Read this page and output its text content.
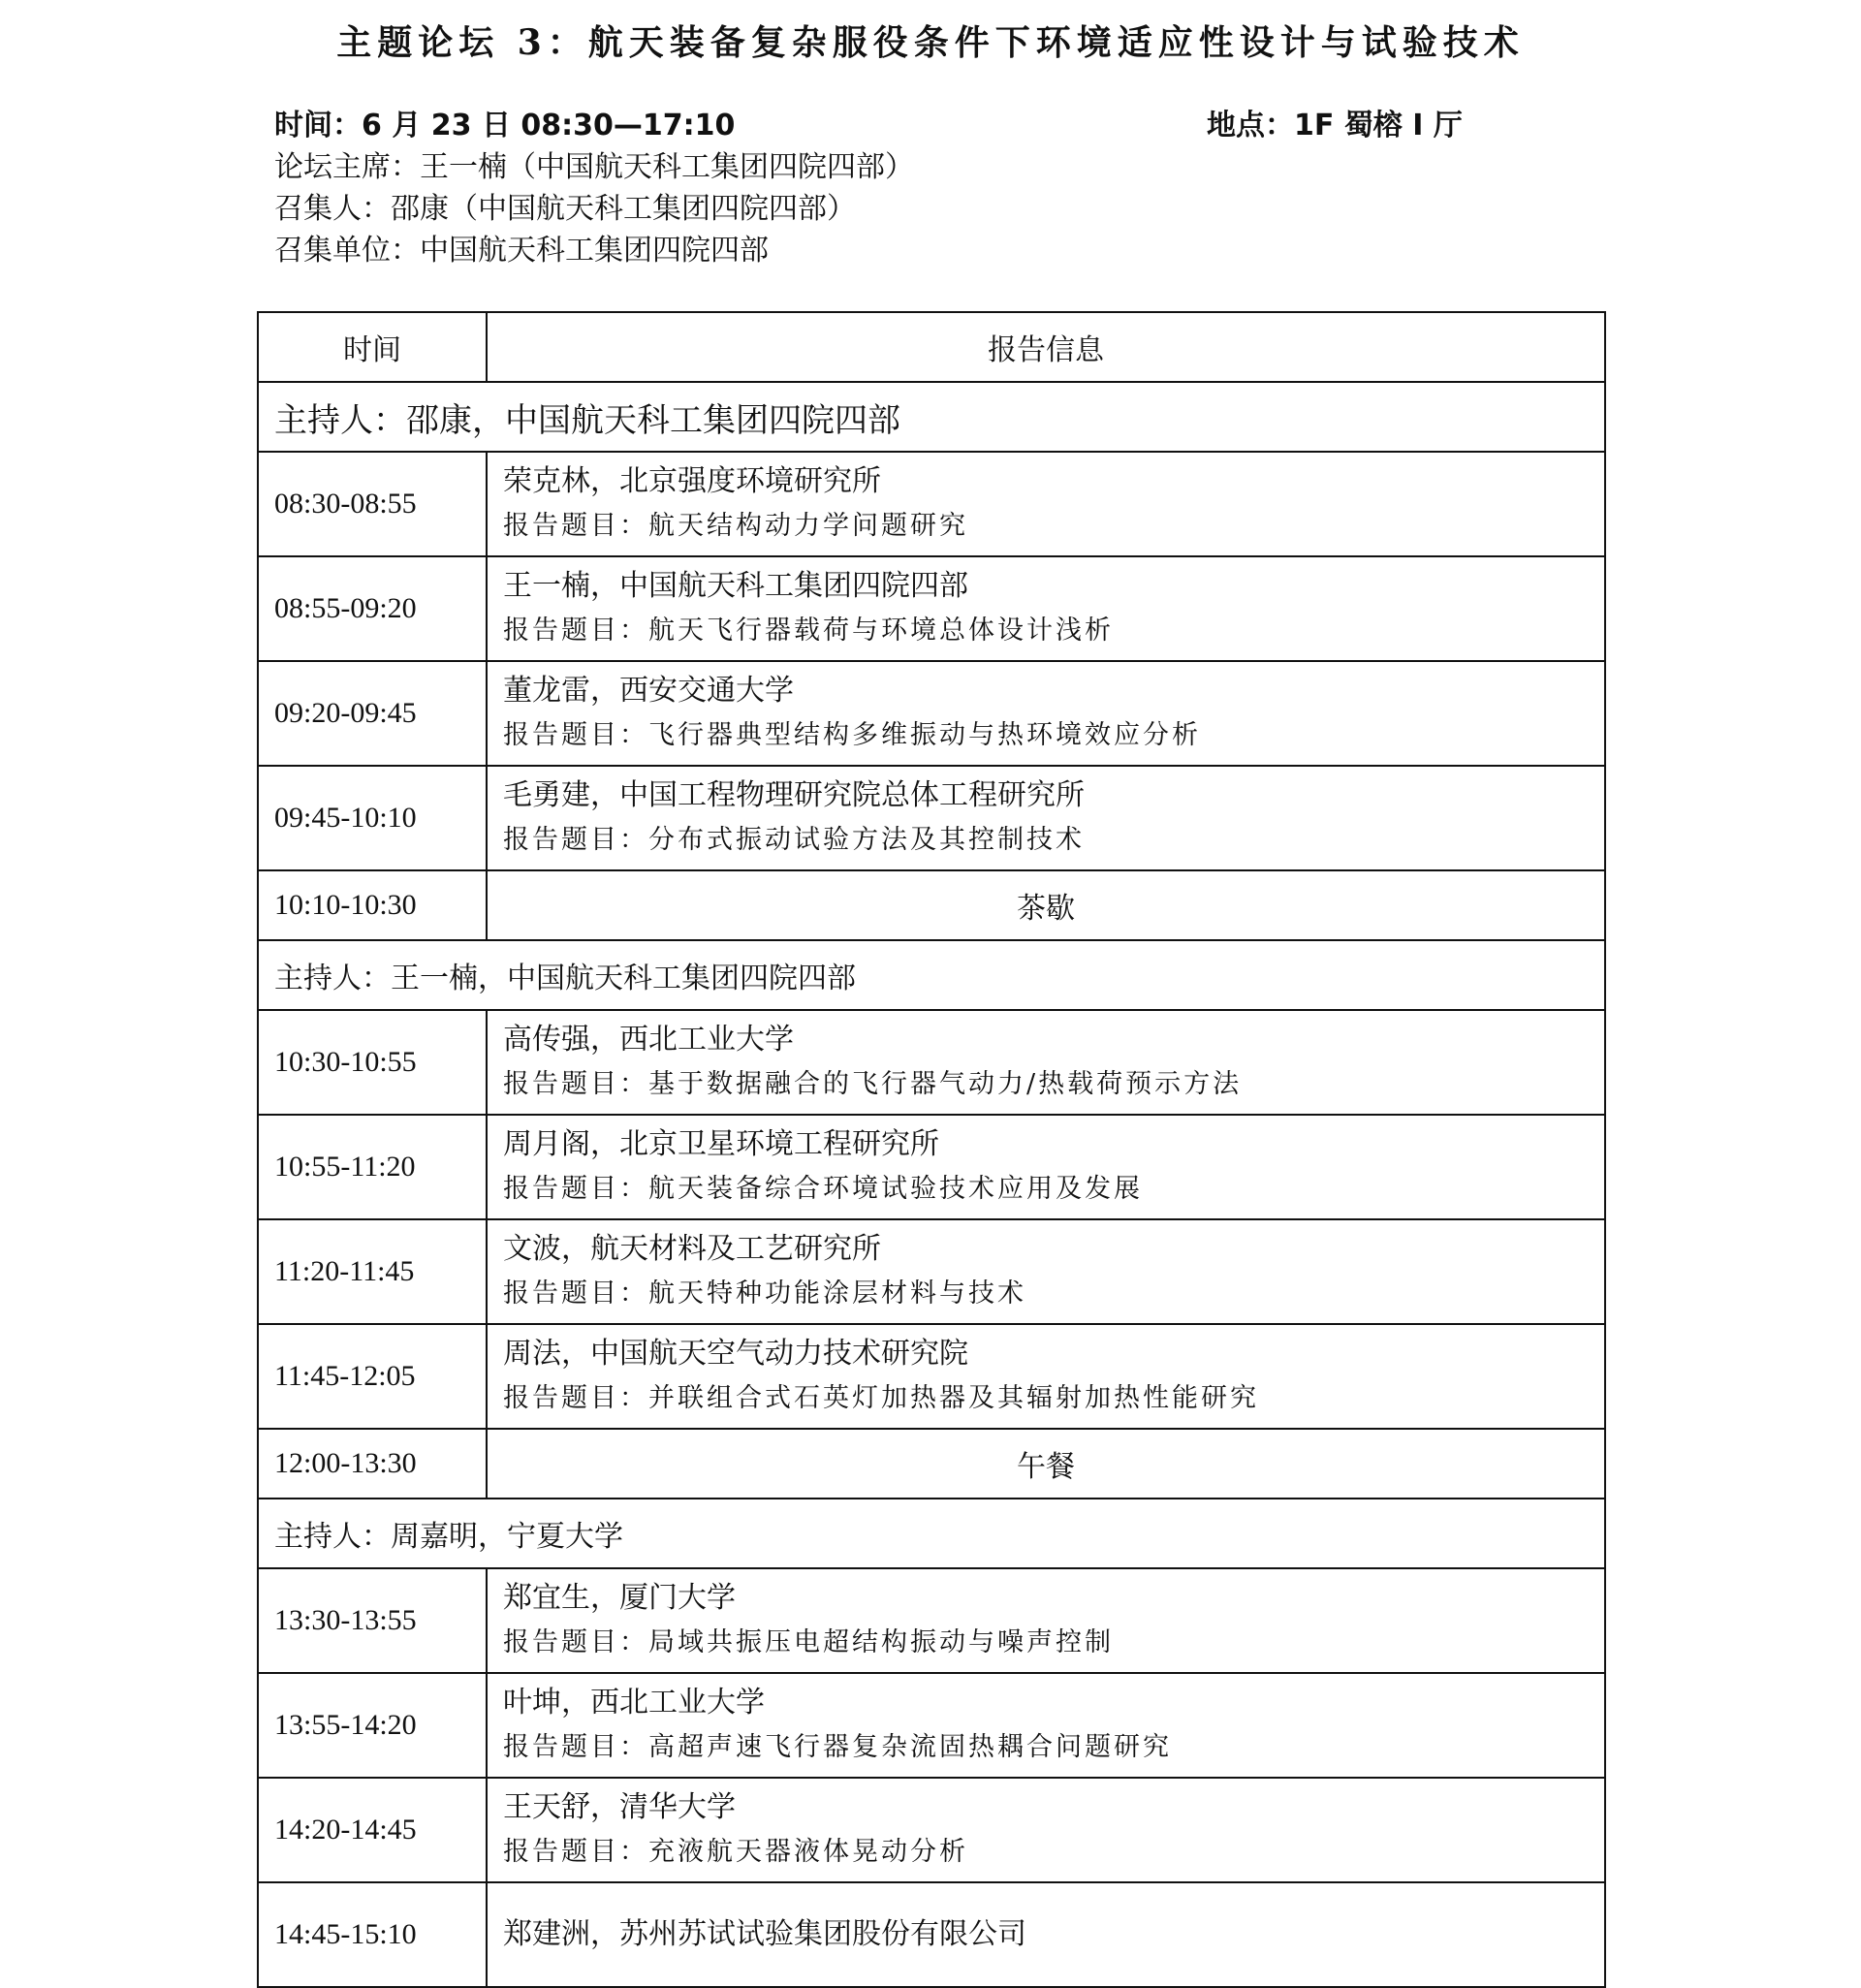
主题论坛 3：航天装备复杂服役条件下环境适应性设计与试验技术
时间：6 月 23 日 08:30—17:10	地点：1F 蜀榕 I 厅
论坛主席：王一楠（中国航天科工集团四院四部）
召集人：邵康（中国航天科工集团四院四部）
召集单位：中国航天科工集团四院四部
时间	报告信息
主持人：邵康，中国航天科工集团四院四部	
08:30-08:55	荣克林，北京强度环境研究所
报告题目：航天结构动力学问题研究

08:55-09:20	王一楠，中国航天科工集团四院四部
报告题目：航天飞行器载荷与环境总体设计浅析

09:20-09:45	董龙雷，西安交通大学
报告题目：飞行器典型结构多维振动与热环境效应分析

09:45-10:10	毛勇建，中国工程物理研究院总体工程研究所
报告题目：分布式振动试验方法及其控制技术

10:10-10:30	茶歇
主持人：王一楠，中国航天科工集团四院四部	
10:30-10:55	高传强，西北工业大学
报告题目：基于数据融合的飞行器气动力/热载荷预示方法

10:55-11:20	周月阁，北京卫星环境工程研究所
报告题目：航天装备综合环境试验技术应用及发展

11:20-11:45	文波，航天材料及工艺研究所
报告题目：航天特种功能涂层材料与技术

11:45-12:05	周法，中国航天空气动力技术研究院
报告题目：并联组合式石英灯加热器及其辐射加热性能研究

12:00-13:30	午餐
主持人：周嘉明，宁夏大学	
13:30-13:55	郑宜生，厦门大学
报告题目：局域共振压电超结构振动与噪声控制

13:55-14:20	叶坤，西北工业大学
报告题目：高超声速飞行器复杂流固热耦合问题研究

14:20-14:45	王天舒，清华大学
报告题目：充液航天器液体晃动分析

14:45-15:10	郑建洲，苏州苏试试验集团股份有限公司
